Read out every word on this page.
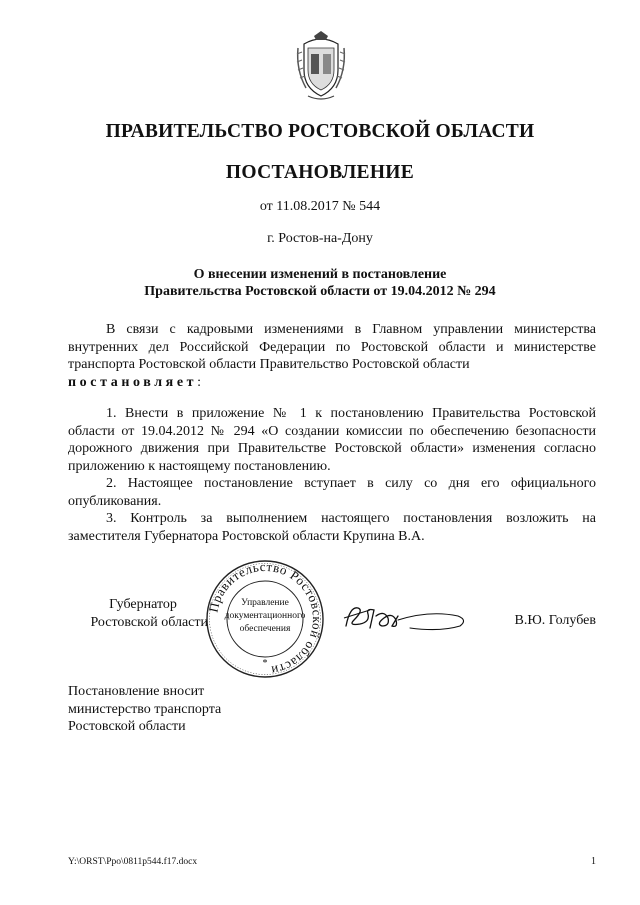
ПРАВИТЕЛЬСТВО РОСТОВСКОЙ ОБЛАСТИ
ПОСТАНОВЛЕНИЕ
от 11.08.2017 № 544
г. Ростов-на-Дону
О внесении изменений в постановление
Правительства Ростовской области от 19.04.2012 № 294
В связи с кадровыми изменениями в Главном управлении министерства внутренних дел Российской Федерации по Ростовской области и министерстве транспорта Ростовской области Правительство Ростовской области
постановляет:
1. Внести в приложение № 1 к постановлению Правительства Ростовской области от 19.04.2012 № 294 «О создании комиссии по обеспечению безопасности дорожного движения при Правительстве Ростовской области» изменения согласно приложению к настоящему постановлению.
2. Настоящее постановление вступает в силу со дня его официального опубликования.
3. Контроль за выполнением настоящего постановления возложить на заместителя Губернатора Ростовской области Крупина В.А.
Губернатор
Ростовской области
Правительство Ростовской области
Управление
документационного
обеспечения
*
В.Ю. Голубев
Постановление вносит
министерство транспорта
Ростовской области
Y:\ORST\Ppo\0811p544.f17.docx	1
